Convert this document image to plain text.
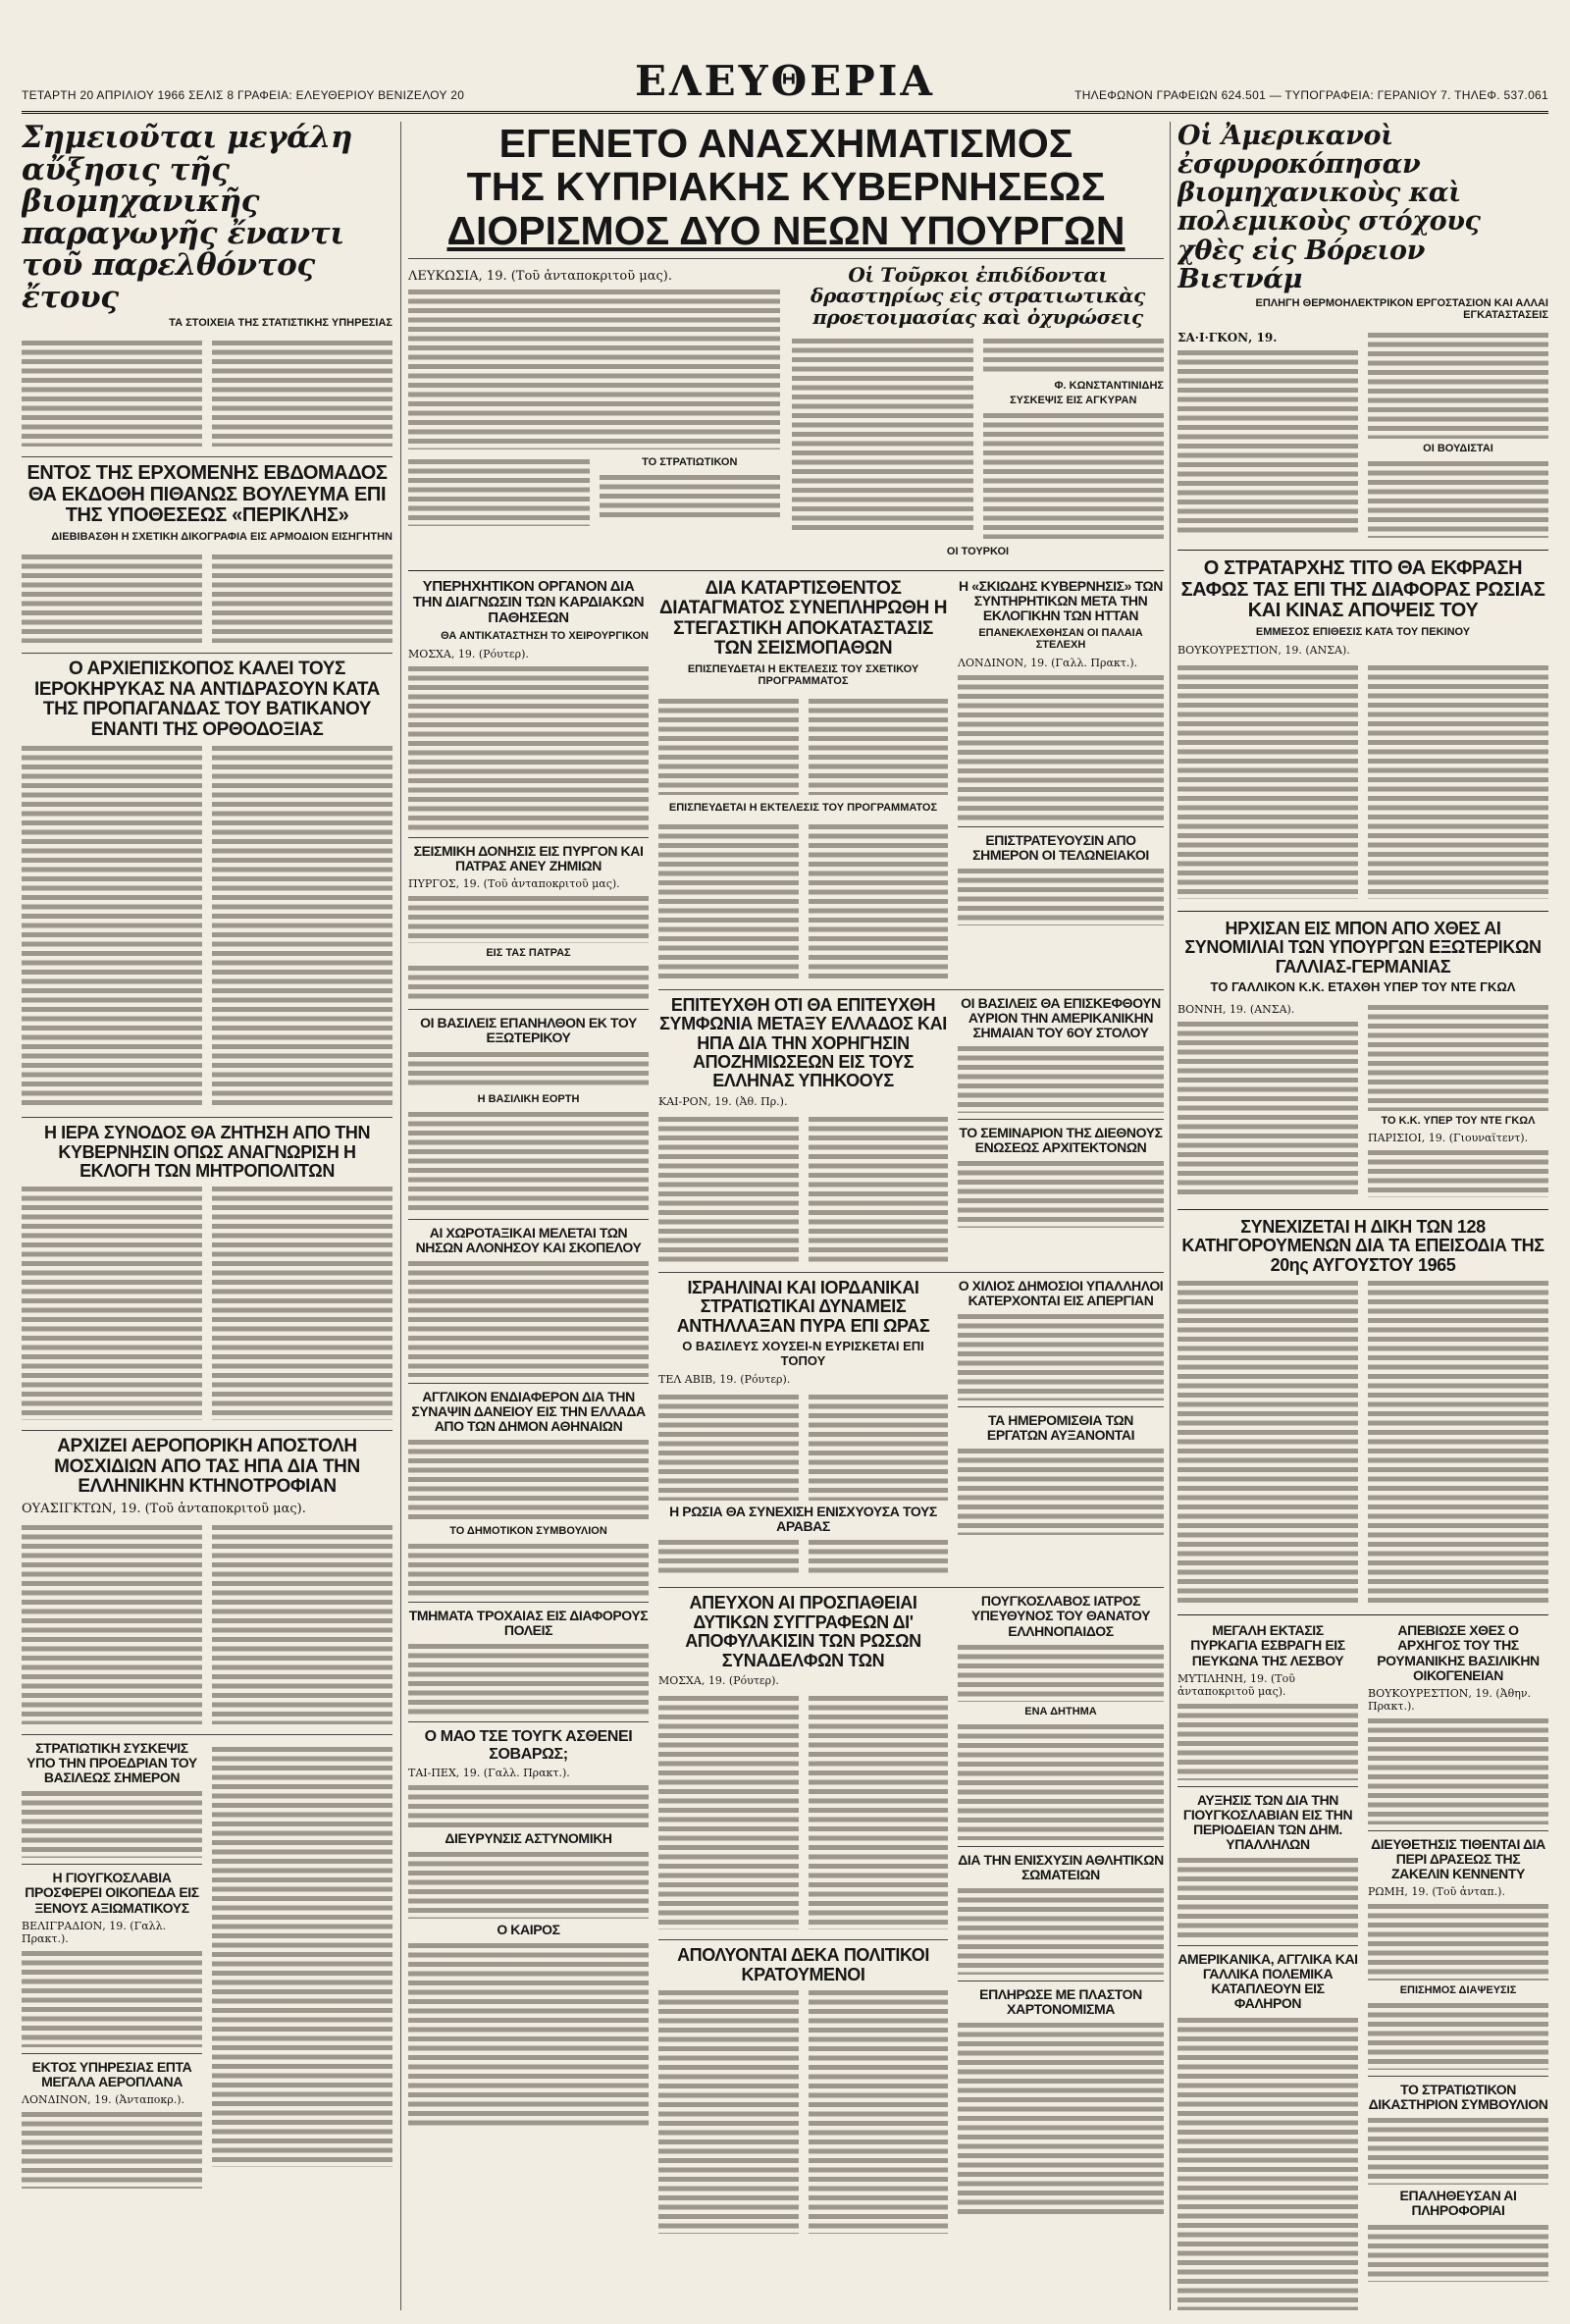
ΤΕΤΑΡΤΗ 20 ΑΠΡΙΛΙΟΥ 1966 ΣΕΛΙΣ 8 ΓΡΑΦΕΙΑ: ΕΛΕΥΘΕΡΙΟΥ ΒΕΝΙΖΕΛΟΥ 20	ΕΛΕΥΘΕΡΙΑ	ΤΗΛΕΦΩΝΟΝ ΓΡΑΦΕΙΩΝ 624.501 — ΤΥΠΟΓΡΑΦΕΙΑ: ΓΕΡΑΝΙΟΥ 7. ΤΗΛΕΦ. 537.061
Σημειοῦται μεγάλη αὔξησις τῆς βιομηχανικῆς παραγωγῆς ἔναντι τοῦ παρελθόντος ἔτους
ΤΑ ΣΤΟΙΧΕΙΑ ΤΗΣ ΣΤΑΤΙΣΤΙΚΗΣ ΥΠΗΡΕΣΙΑΣ
ΕΝΤΟΣ ΤΗΣ ΕΡΧΟΜΕΝΗΣ ΕΒΔΟΜΑΔΟΣ ΘΑ ΕΚΔΟΘΗ ΠΙΘΑΝΩΣ ΒΟΥΛΕΥΜΑ ΕΠΙ ΤΗΣ ΥΠΟΘΕΣΕΩΣ «ΠΕΡΙΚΛΗΣ»
ΔΙΕΒΙΒΑΣΘΗ Η ΣΧΕΤΙΚΗ ΔΙΚΟΓΡΑΦΙΑ ΕΙΣ ΑΡΜΟΔΙΟΝ ΕΙΣΗΓΗΤΗΝ
Ο ΑΡΧΙΕΠΙΣΚΟΠΟΣ ΚΑΛΕΙ ΤΟΥΣ ΙΕΡΟΚΗΡΥΚΑΣ ΝΑ ΑΝΤΙΔΡΑΣΟΥΝ ΚΑΤΑ ΤΗΣ ΠΡΟΠΑΓΑΝΔΑΣ ΤΟΥ ΒΑΤΙΚΑΝΟΥ ΕΝΑΝΤΙ ΤΗΣ ΟΡΘΟΔΟΞΙΑΣ
Η ΙΕΡΑ ΣΥΝΟΔΟΣ ΘΑ ΖΗΤΗΣΗ ΑΠΟ ΤΗΝ ΚΥΒΕΡΝΗΣΙΝ ΟΠΩΣ ΑΝΑΓΝΩΡΙΣΗ Η ΕΚΛΟΓΗ ΤΩΝ ΜΗΤΡΟΠΟΛΙΤΩΝ
ΑΡΧΙΖΕΙ ΑΕΡΟΠΟΡΙΚΗ ΑΠΟΣΤΟΛΗ ΜΟΣΧΙΔΙΩΝ ΑΠΟ ΤΑΣ ΗΠΑ ΔΙΑ ΤΗΝ ΕΛΛΗΝΙΚΗΝ ΚΤΗΝΟΤΡΟΦΙΑΝ
ΟΥΑΣΙΓΚΤΩΝ, 19. (Τοῦ ἀνταποκριτοῦ μας).
ΣΤΡΑΤΙΩΤΙΚΗ ΣΥΣΚΕΨΙΣ ΥΠΟ ΤΗΝ ΠΡΟΕΔΡΙΑΝ ΤΟΥ ΒΑΣΙΛΕΩΣ ΣΗΜΕΡΟΝ
Η ΓΙΟΥΓΚΟΣΛΑΒΙΑ ΠΡΟΣΦΕΡΕΙ ΟΙΚΟΠΕΔΑ ΕΙΣ ΞΕΝΟΥΣ ΑΞΙΩΜΑΤΙΚΟΥΣ
ΒΕΛΙΓΡΑΔΙΟΝ, 19. (Γαλλ. Πρακτ.).
ΕΚΤΟΣ ΥΠΗΡΕΣΙΑΣ ΕΠΤΑ ΜΕΓΑΛΑ ΑΕΡΟΠΛΑΝΑ
ΛΟΝΔΙΝΟΝ, 19. (Ἀνταποκρ.).
ΕΓΕΝΕΤΟ ΑΝΑΣΧΗΜΑΤΙΣΜΟΣ
ΤΗΣ ΚΥΠΡΙΑΚΗΣ ΚΥΒΕΡΝΗΣΕΩΣ
ΔΙΟΡΙΣΜΟΣ ΔΥΟ ΝΕΩΝ ΥΠΟΥΡΓΩΝ
ΛΕΥΚΩΣΙΑ, 19. (Τοῦ ἀνταποκριτοῦ μας).
ΤΟ ΣΤΡΑΤΙΩΤΙΚΟΝ
Οἱ Τοῦρκοι ἐπιδίδονται δραστηρίως εἰς στρατιωτικὰς προετοιμασίας καὶ ὀχυρώσεις
Φ. ΚΩΝΣΤΑΝΤΙΝΙΔΗΣ
ΣΥΣΚΕΨΙΣ ΕΙΣ ΑΓΚΥΡΑΝ
ΟΙ ΤΟΥΡΚΟΙ
ΥΠΕΡΗΧΗΤΙΚΟΝ ΟΡΓΑΝΟΝ ΔΙΑ ΤΗΝ ΔΙΑΓΝΩΣΙΝ ΤΩΝ ΚΑΡΔΙΑΚΩΝ ΠΑΘΗΣΕΩΝ
ΘΑ ΑΝΤΙΚΑΤΑΣΤΗΣΗ ΤΟ ΧΕΙΡΟΥΡΓΙΚΟΝ
ΜΟΣΧΑ, 19. (Ρόυτερ).
ΣΕΙΣΜΙΚΗ ΔΟΝΗΣΙΣ ΕΙΣ ΠΥΡΓΟΝ ΚΑΙ ΠΑΤΡΑΣ ΑΝΕΥ ΖΗΜΙΩΝ
ΠΥΡΓΟΣ, 19. (Τοῦ ἀνταποκριτοῦ μας).
ΕΙΣ ΤΑΣ ΠΑΤΡΑΣ
ΟΙ ΒΑΣΙΛΕΙΣ ΕΠΑΝΗΛΘΟΝ ΕΚ ΤΟΥ ΕΞΩΤΕΡΙΚΟΥ
Η ΒΑΣΙΛΙΚΗ ΕΟΡΤΗ
ΑΙ ΧΩΡΟΤΑΞΙΚΑΙ ΜΕΛΕΤΑΙ ΤΩΝ ΝΗΣΩΝ ΑΛΟΝΗΣΟΥ ΚΑΙ ΣΚΟΠΕΛΟΥ
ΑΓΓΛΙΚΟΝ ΕΝΔΙΑΦΕΡΟΝ ΔΙΑ ΤΗΝ ΣΥΝΑΨΙΝ ΔΑΝΕΙΟΥ ΕΙΣ ΤΗΝ ΕΛΛΑΔΑ ΑΠΟ ΤΩΝ ΔΗΜΟΝ ΑΘΗΝΑΙΩΝ
ΤΟ ΔΗΜΟΤΙΚΟΝ ΣΥΜΒΟΥΛΙΟΝ
ΤΜΗΜΑΤΑ ΤΡΟΧΑΙΑΣ ΕΙΣ ΔΙΑΦΟΡΟΥΣ ΠΟΛΕΙΣ
Ο ΜΑΟ ΤΣΕ ΤΟΥΓΚ ΑΣΘΕΝΕΙ ΣΟΒΑΡΩΣ;
ΤΑΙ-ΠΕΧ, 19. (Γαλλ. Πρακτ.).
ΔΙΕΥΡΥΝΣΙΣ ΑΣΤΥΝΟΜΙΚΗ
Ο ΚΑΙΡΟΣ
ΔΙΑ ΚΑΤΑΡΤΙΣΘΕΝΤΟΣ ΔΙΑΤΑΓΜΑΤΟΣ ΣΥΝΕΠΛΗΡΩΘΗ Η ΣΤΕΓΑΣΤΙΚΗ ΑΠΟΚΑΤΑΣΤΑΣΙΣ ΤΩΝ ΣΕΙΣΜΟΠΑΘΩΝ
ΕΠΙΣΠΕΥΔΕΤΑΙ Η ΕΚΤΕΛΕΣΙΣ ΤΟΥ ΣΧΕΤΙΚΟΥ ΠΡΟΓΡΑΜΜΑΤΟΣ
ΕΠΙΣΠΕΥΔΕΤΑΙ Η ΕΚΤΕΛΕΣΙΣ ΤΟΥ ΠΡΟΓΡΑΜΜΑΤΟΣ
Η «ΣΚΙΩΔΗΣ ΚΥΒΕΡΝΗΣΙΣ» ΤΩΝ ΣΥΝΤΗΡΗΤΙΚΩΝ ΜΕΤΑ ΤΗΝ ΕΚΛΟΓΙΚΗΝ ΤΩΝ ΗΤΤΑΝ
ΕΠΑΝΕΚΛΕΧΘΗΣΑΝ ΟΙ ΠΑΛΑΙΑ ΣΤΕΛΕΧΗ
ΛΟΝΔΙΝΟΝ, 19. (Γαλλ. Πρακτ.).
ΕΠΙΣΤΡΑΤΕΥΟΥΣΙΝ ΑΠΟ ΣΗΜΕΡΟΝ ΟΙ ΤΕΛΩΝΕΙΑΚΟΙ
ΕΠΙΤΕΥΧΘΗ ΟΤΙ ΘΑ ΕΠΙΤΕΥΧΘΗ ΣΥΜΦΩΝΙΑ ΜΕΤΑΞΥ ΕΛΛΑΔΟΣ ΚΑΙ ΗΠΑ ΔΙΑ ΤΗΝ ΧΟΡΗΓΗΣΙΝ ΑΠΟΖΗΜΙΩΣΕΩΝ ΕΙΣ ΤΟΥΣ ΕΛΛΗΝΑΣ ΥΠΗΚΟΟΥΣ
ΚΑΙ-ΡΟΝ, 19. (Ἀθ. Πρ.).
ΟΙ ΒΑΣΙΛΕΙΣ ΘΑ ΕΠΙΣΚΕΦΘΟΥΝ ΑΥΡΙΟΝ ΤΗΝ ΑΜΕΡΙΚΑΝΙΚΗΝ ΣΗΜΑΙΑΝ ΤΟΥ 6ΟΥ ΣΤΟΛΟΥ
ΤΟ ΣΕΜΙΝΑΡΙΟΝ ΤΗΣ ΔΙΕΘΝΟΥΣ ΕΝΩΣΕΩΣ ΑΡΧΙΤΕΚΤΟΝΩΝ
ΙΣΡΑΗΛΙΝΑΙ ΚΑΙ ΙΟΡΔΑΝΙΚΑΙ ΣΤΡΑΤΙΩΤΙΚΑΙ ΔΥΝΑΜΕΙΣ ΑΝΤΗΛΛΑΞΑΝ ΠΥΡΑ ΕΠΙ ΩΡΑΣ
Ο ΒΑΣΙΛΕΥΣ ΧΟΥΣΕΙ-Ν ΕΥΡΙΣΚΕΤΑΙ ΕΠΙ ΤΟΠΟΥ
ΤΕΛ ΑΒΙΒ, 19. (Ρόυτερ).
Η ΡΩΣΙΑ ΘΑ ΣΥΝΕΧΙΣΗ ΕΝΙΣΧΥΟΥΣΑ ΤΟΥΣ ΑΡΑΒΑΣ
Ο ΧΙΛΙΟΣ ΔΗΜΟΣΙΟΙ ΥΠΑΛΛΗΛΟΙ ΚΑΤΕΡΧΟΝΤΑΙ ΕΙΣ ΑΠΕΡΓΙΑΝ
ΤΑ ΗΜΕΡΟΜΙΣΘΙΑ ΤΩΝ ΕΡΓΑΤΩΝ ΑΥΞΑΝΟΝΤΑΙ
ΑΠΕΥΧΟΝ ΑΙ ΠΡΟΣΠΑΘΕΙΑΙ ΔΥΤΙΚΩΝ ΣΥΓΓΡΑΦΕΩΝ ΔΙ' ΑΠΟΦΥΛΑΚΙΣΙΝ ΤΩΝ ΡΩΣΩΝ ΣΥΝΑΔΕΛΦΩΝ ΤΩΝ
ΜΟΣΧΑ, 19. (Ρόυτερ).
ΑΠΟΛΥΟΝΤΑΙ ΔΕΚΑ ΠΟΛΙΤΙΚΟΙ ΚΡΑΤΟΥΜΕΝΟΙ
ΠΟΥΓΚΟΣΛΑΒΟΣ ΙΑΤΡΟΣ ΥΠΕΥΘΥΝΟΣ ΤΟΥ ΘΑΝΑΤΟΥ ΕΛΛΗΝΟΠΑΙΔΟΣ
ΕΝΑ ΔΗΤΗΜΑ
ΔΙΑ ΤΗΝ ΕΝΙΣΧΥΣΙΝ ΑΘΛΗΤΙΚΩΝ ΣΩΜΑΤΕΙΩΝ
ΕΠΛΗΡΩΣΕ ΜΕ ΠΛΑΣΤΟΝ ΧΑΡΤΟΝΟΜΙΣΜΑ
Οἱ Ἀμερικανοὶ ἐσφυροκόπησαν βιομηχανικοὺς καὶ πολεμικοὺς στόχους χθὲς εἰς Βόρειον Βιετνάμ
ΕΠΛΗΓΗ ΘΕΡΜΟΗΛΕΚΤΡΙΚΟΝ ΕΡΓΟΣΤΑΣΙΟΝ ΚΑΙ ΑΛΛΑΙ ΕΓΚΑΤΑΣΤΑΣΕΙΣ
ΣΑ·Ι·ΓΚΟΝ, 19.
ΟΙ ΒΟΥΔΙΣΤΑΙ
Ο ΣΤΡΑΤΑΡΧΗΣ ΤΙΤΟ ΘΑ ΕΚΦΡΑΣΗ ΣΑΦΩΣ ΤΑΣ ΕΠΙ ΤΗΣ ΔΙΑΦΟΡΑΣ ΡΩΣΙΑΣ ΚΑΙ ΚΙΝΑΣ ΑΠΟΨΕΙΣ ΤΟΥ
ΕΜΜΕΣΟΣ ΕΠΙΘΕΣΙΣ ΚΑΤΑ ΤΟΥ ΠΕΚΙΝΟΥ
ΒΟΥΚΟΥΡΕΣΤΙΟΝ, 19. (ΑΝΣΑ).
ΗΡΧΙΣΑΝ ΕΙΣ ΜΠΟΝ ΑΠΟ ΧΘΕΣ ΑΙ ΣΥΝΟΜΙΛΙΑΙ ΤΩΝ ΥΠΟΥΡΓΩΝ ΕΞΩΤΕΡΙΚΩΝ ΓΑΛΛΙΑΣ-ΓΕΡΜΑΝΙΑΣ
ΤΟ ΓΑΛΛΙΚΟΝ Κ.Κ. ΕΤΑΧΘΗ ΥΠΕΡ ΤΟΥ ΝΤΕ ΓΚΩΛ
ΒΟΝΝΗ, 19. (ΑΝΣΑ).
ΤΟ Κ.Κ. ΥΠΕΡ ΤΟΥ ΝΤΕ ΓΚΩΛ
ΠΑΡΙΣΙΟΙ, 19. (Γιουναϊτεντ).
ΣΥΝΕΧΙΖΕΤΑΙ Η ΔΙΚΗ ΤΩΝ 128 ΚΑΤΗΓΟΡΟΥΜΕΝΩΝ ΔΙΑ ΤΑ ΕΠΕΙΣΟΔΙΑ ΤΗΣ 20ης ΑΥΓΟΥΣΤΟΥ 1965
ΜΕΓΑΛΗ ΕΚΤΑΣΙΣ ΠΥΡΚΑΓΙΑ ΕΣΒΡΑΓΗ ΕΙΣ ΠΕΥΚΩΝΑ ΤΗΣ ΛΕΣΒΟΥ
ΜΥΤΙΛΗΝΗ, 19. (Τοῦ ἀνταποκριτοῦ μας).
ΑΥΞΗΣΙΣ ΤΩΝ ΔΙΑ ΤΗΝ ΓΙΟΥΓΚΟΣΛΑΒΙΑΝ ΕΙΣ ΤΗΝ ΠΕΡΙΟΔΕΙΑΝ ΤΩΝ ΔΗΜ. ΥΠΑΛΛΗΛΩΝ
ΑΜΕΡΙΚΑΝΙΚΑ, ΑΓΓΛΙΚΑ ΚΑΙ ΓΑΛΛΙΚΑ ΠΟΛΕΜΙΚΑ ΚΑΤΑΠΛΕΟΥΝ ΕΙΣ ΦΑΛΗΡΟΝ
ΑΠΕΒΙΩΣΕ ΧΘΕΣ Ο ΑΡΧΗΓΟΣ ΤΟΥ ΤΗΣ ΡΟΥΜΑΝΙΚΗΣ ΒΑΣΙΛΙΚΗΝ ΟΙΚΟΓΕΝΕΙΑΝ
ΒΟΥΚΟΥΡΕΣΤΙΟΝ, 19. (Ἀθην. Πρακτ.).
ΔΙΕΥΘΕΤΗΣΙΣ ΤΙΘΕΝΤΑΙ ΔΙΑ ΠΕΡΙ ΔΡΑΣΕΩΣ ΤΗΣ ΖΑΚΕΛΙΝ ΚΕΝΝΕΝΤΥ
ΡΩΜΗ, 19. (Τοῦ ἀνταπ.).
ΕΠΙΣΗΜΟΣ ΔΙΑΨΕΥΣΙΣ
ΤΟ ΣΤΡΑΤΙΩΤΙΚΟΝ ΔΙΚΑΣΤΗΡΙΟΝ ΣΥΜΒΟΥΛΙΟΝ
ΕΠΑΛΗΘΕΥΣΑΝ ΑΙ ΠΛΗΡΟΦΟΡΙΑΙ
